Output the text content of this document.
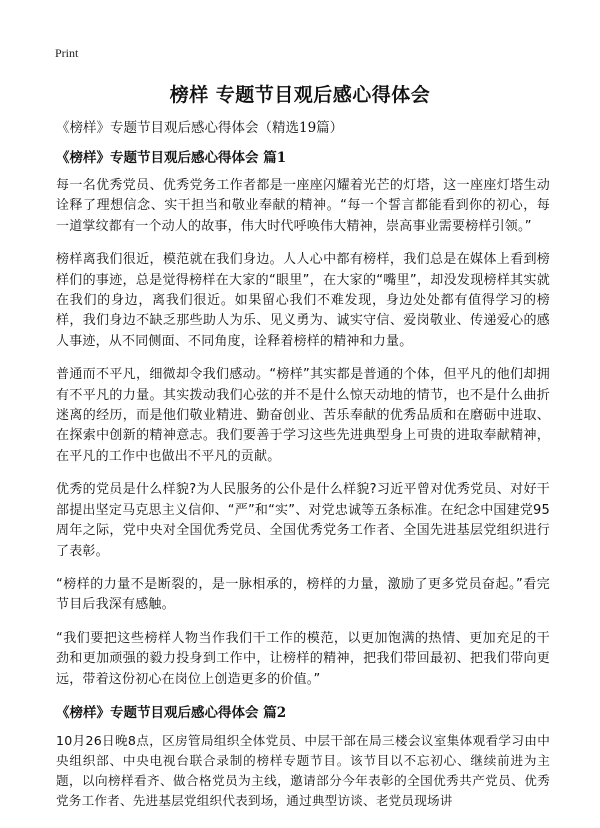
Print
榜样 专题节目观后感心得体会

《榜样》专题节目观后感心得体会（精选19篇）

《榜样》专题节目观后感心得体会 篇1

每一名优秀党员、优秀党务工作者都是一座座闪耀着光芒的灯塔，这一座座灯塔生动诠释了理想信念、实干担当和敬业奉献的精神。“每一个誓言都能看到你的初心，每一道掌纹都有一个动人的故事，伟大时代呼唤伟大精神，崇高事业需要榜样引领。”

榜样离我们很近，模范就在我们身边。人人心中都有榜样，我们总是在媒体上看到榜样们的事迹，总是觉得榜样在大家的“眼里”，在大家的“嘴里”，却没发现榜样其实就在我们的身边，离我们很近。如果留心我们不难发现，身边处处都有值得学习的榜样，我们身边不缺乏那些助人为乐、见义勇为、诚实守信、爱岗敬业、传递爱心的感人事迹，从不同侧面、不同角度，诠释着榜样的精神和力量。

普通而不平凡，细微却令我们感动。“榜样”其实都是普通的个体，但平凡的他们却拥有不平凡的力量。其实拨动我们心弦的并不是什么惊天动地的情节，也不是什么曲折迷离的经历，而是他们敬业精进、勤奋创业、苦乐奉献的优秀品质和在磨砺中进取、在探索中创新的精神意志。我们要善于学习这些先进典型身上可贵的进取奉献精神，在平凡的工作中也做出不平凡的贡献。

优秀的党员是什么样貌?为人民服务的公仆是什么样貌?习近平曾对优秀党员、对好干部提出坚定马克思主义信仰、“严”和“实”、对党忠诚等五条标准。在纪念中国建党95周年之际，党中央对全国优秀党员、全国优秀党务工作者、全国先进基层党组织进行了表彰。

“榜样的力量不是断裂的，是一脉相承的，榜样的力量，激励了更多党员奋起。”看完节目后我深有感触。

“我们要把这些榜样人物当作我们干工作的模范，以更加饱满的热情、更加充足的干劲和更加顽强的毅力投身到工作中，让榜样的精神，把我们带回最初、把我们带向更远，带着这份初心在岗位上创造更多的价值。”

《榜样》专题节目观后感心得体会 篇2

10月26日晚8点，区房管局组织全体党员、中层干部在局三楼会议室集体观看学习由中央组织部、中央电视台联合录制的榜样专题节目。该节目以不忘初心、继续前进为主题，以向榜样看齐、做合格党员为主线，邀请部分今年表彰的全国优秀共产党员、优秀党务工作者、先进基层党组织代表到场，通过典型访谈、老党员现场讲
